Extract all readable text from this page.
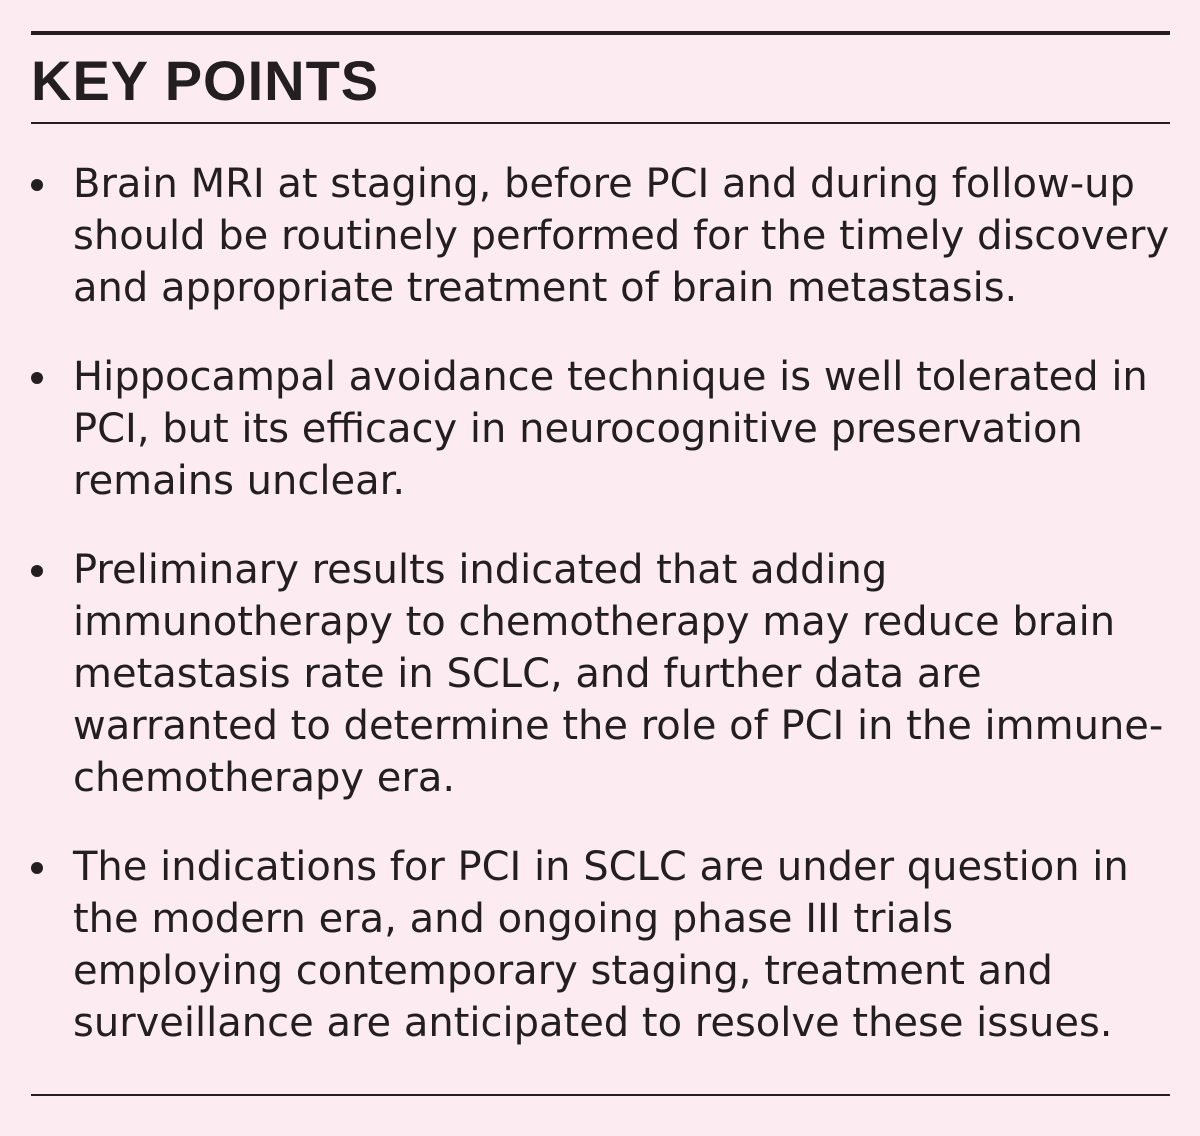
KEY POINTS
Brain MRI at staging, before PCI and during follow-up should be routinely performed for the timely discovery and appropriate treatment of brain metastasis.
Hippocampal avoidance technique is well tolerated in PCI, but its efficacy in neurocognitive preservation remains unclear.
Preliminary results indicated that adding immunotherapy to chemotherapy may reduce brain metastasis rate in SCLC, and further data are warranted to determine the role of PCI in the immune-chemotherapy era.
The indications for PCI in SCLC are under question in the modern era, and ongoing phase III trials employing contemporary staging, treatment and surveillance are anticipated to resolve these issues.
